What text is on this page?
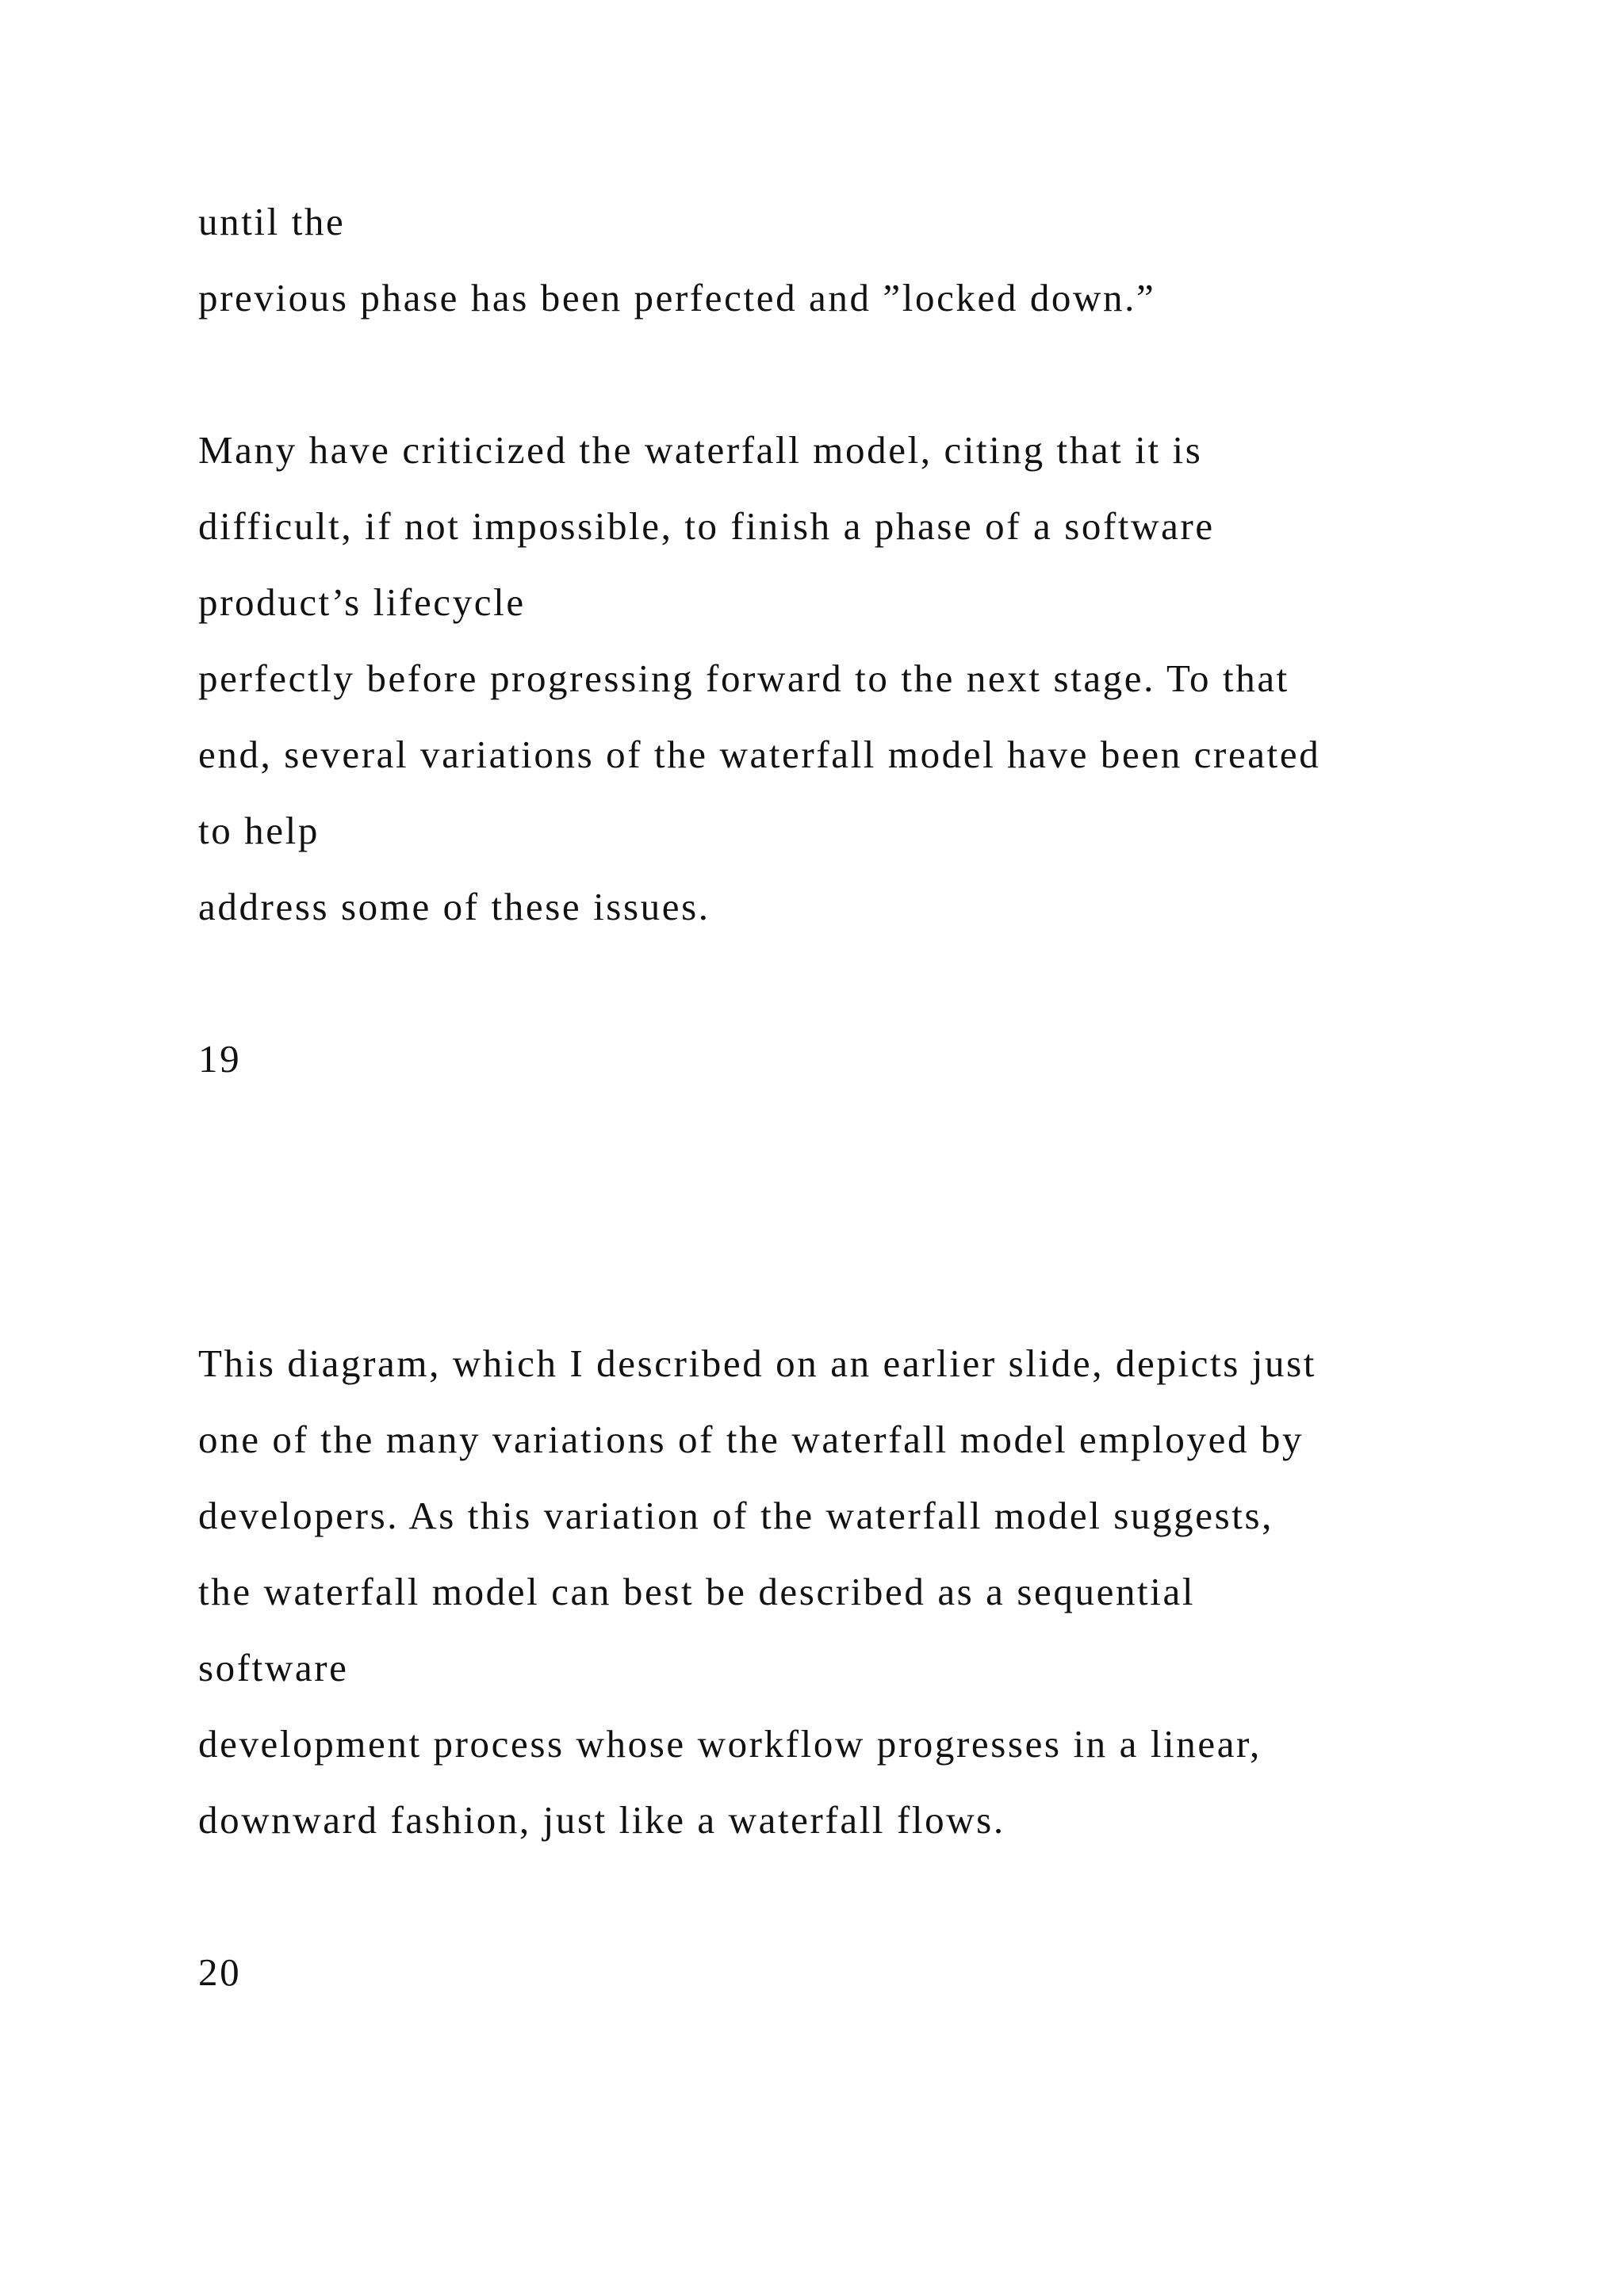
until the

previous phase has been perfected and ”locked down.”

Many have criticized the waterfall model, citing that it is

difficult, if not impossible, to finish a phase of a software

product’s lifecycle

perfectly before progressing forward to the next stage. To that

end, several variations of the waterfall model have been created

to help

address some of these issues.

19

This diagram, which I described on an earlier slide, depicts just

one of the many variations of the waterfall model employed by

developers. As this variation of the waterfall model suggests,

the waterfall model can best be described as a sequential

software

development process whose workflow progresses in a linear,

downward fashion, just like a waterfall flows.

20
